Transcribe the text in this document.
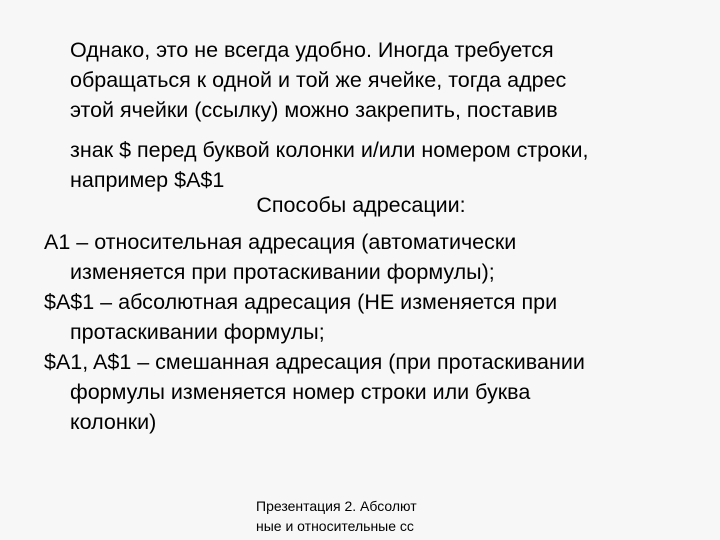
Однако, это не всегда удобно. Иногда требуется
обращаться к одной и той же ячейке, тогда адрес
этой ячейки (ссылку) можно закрепить, поставив
знак $ перед буквой колонки и/или номером строки,
например $A$1
Способы адресации:
A1 – относительная адресация (автоматически
изменяется при протаскивании формулы);
$A$1 – абсолютная адресация (НЕ изменяется при
протаскивании формулы;
$A1, A$1 – смешанная адресация (при протаскивании
формулы изменяется номер строки или буква
колонки)
Презентация 2. Абсолют
ные и относительные сс
